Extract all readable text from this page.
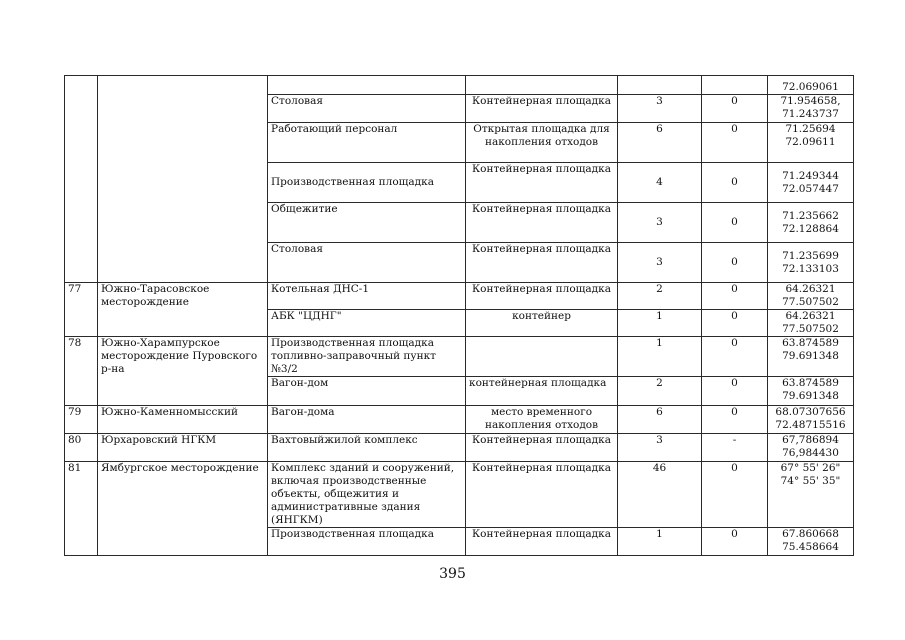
						72.069061

		Столовая	Контейнерная площадка	3	0	71.954658,
71.243737

		Работающий персонал	Открытая площадка для накопления отходов	6	0	71.25694
72.09611

		Производственная площадка	Контейнерная площадка	4	0	71.249344
72.057447

		Общежитие	Контейнерная площадка	3	0	71.235662
72.128864

		Столовая	Контейнерная площадка	3	0	71.235699
72.133103

77	Южно-Тарасовское месторождение	Котельная ДНС-1	Контейнерная площадка	2	0	64.26321
77.507502

		АБК "ЦДНГ"	контейнер	1	0	64.26321
77.507502

78	Южно-Харампурское месторождение Пуровского р-на	Производственная площадка топливно-заправочный пункт №3/2		1	0	63.874589
79.691348

		Вагон-дом	контейнерная площадка	2	0	63.874589
79.691348

79	Южно-Каменномысский	Вагон-дома	место временного накопления отходов	6	0	68.07307656
72.48715516

80	Юрхаровский НГКМ	Вахтовыйжилой комплекс	Контейнерная площадка	3	-	67,786894
76,984430

81	Ямбургское месторождение	Комплекс зданий и сооружений, включая производственные объекты, общежития и административные здания (ЯНГКМ)	Контейнерная площадка	46	0	67° 55' 26"
74° 55' 35"

		Производственная площадка	Контейнерная площадка	1	0	67.860668
75.458664
395
